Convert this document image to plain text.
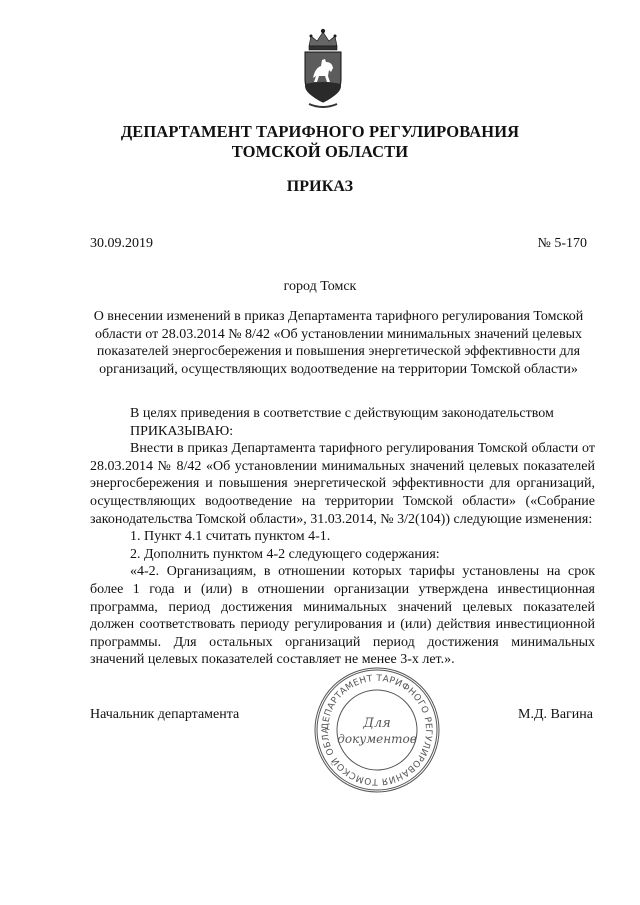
ДЕПАРТАМЕНТ ТАРИФНОГО РЕГУЛИРОВАНИЯ
ТОМСКОЙ ОБЛАСТИ
ПРИКАЗ
30.09.2019	№ 5-170
город Томск
О внесении изменений в приказ Департамента тарифного регулирования Томской области от 28.03.2014 № 8/42 «Об установлении минимальных значений целевых показателей энергосбережения и повышения энергетической эффективности для организаций, осуществляющих водоотведение на территории Томской области»

В целях приведения в соответствие с действующим законодательством

ПРИКАЗЫВАЮ:

Внести в приказ Департамента тарифного регулирования Томской области от 28.03.2014 № 8/42 «Об установлении минимальных значений целевых показателей энергосбережения и повышения энергетической эффективности для организаций, осуществляющих водоотведение на территории Томской области» («Собрание законодательства Томской области», 31.03.2014, № 3/2(104)) следующие изменения:

1. Пункт 4.1 считать пунктом 4-1.

2. Дополнить пунктом 4-2 следующего содержания:

«4-2. Организациям, в отношении которых тарифы установлены на срок более 1 года и (или) в отношении организации утверждена инвестиционная программа, период достижения минимальных значений целевых показателей должен соответствовать периоду регулирования и (или) действия инвестиционной программы. Для остальных организаций период достижения минимальных значений целевых показателей составляет не менее 3-х лет.».

Начальник департамента	М.Д. Вагина
ДЕПАРТАМЕНТ ТАРИФНОГО РЕГУЛИРОВАНИЯ ТОМСКОЙ ОБЛА	Для
документов
